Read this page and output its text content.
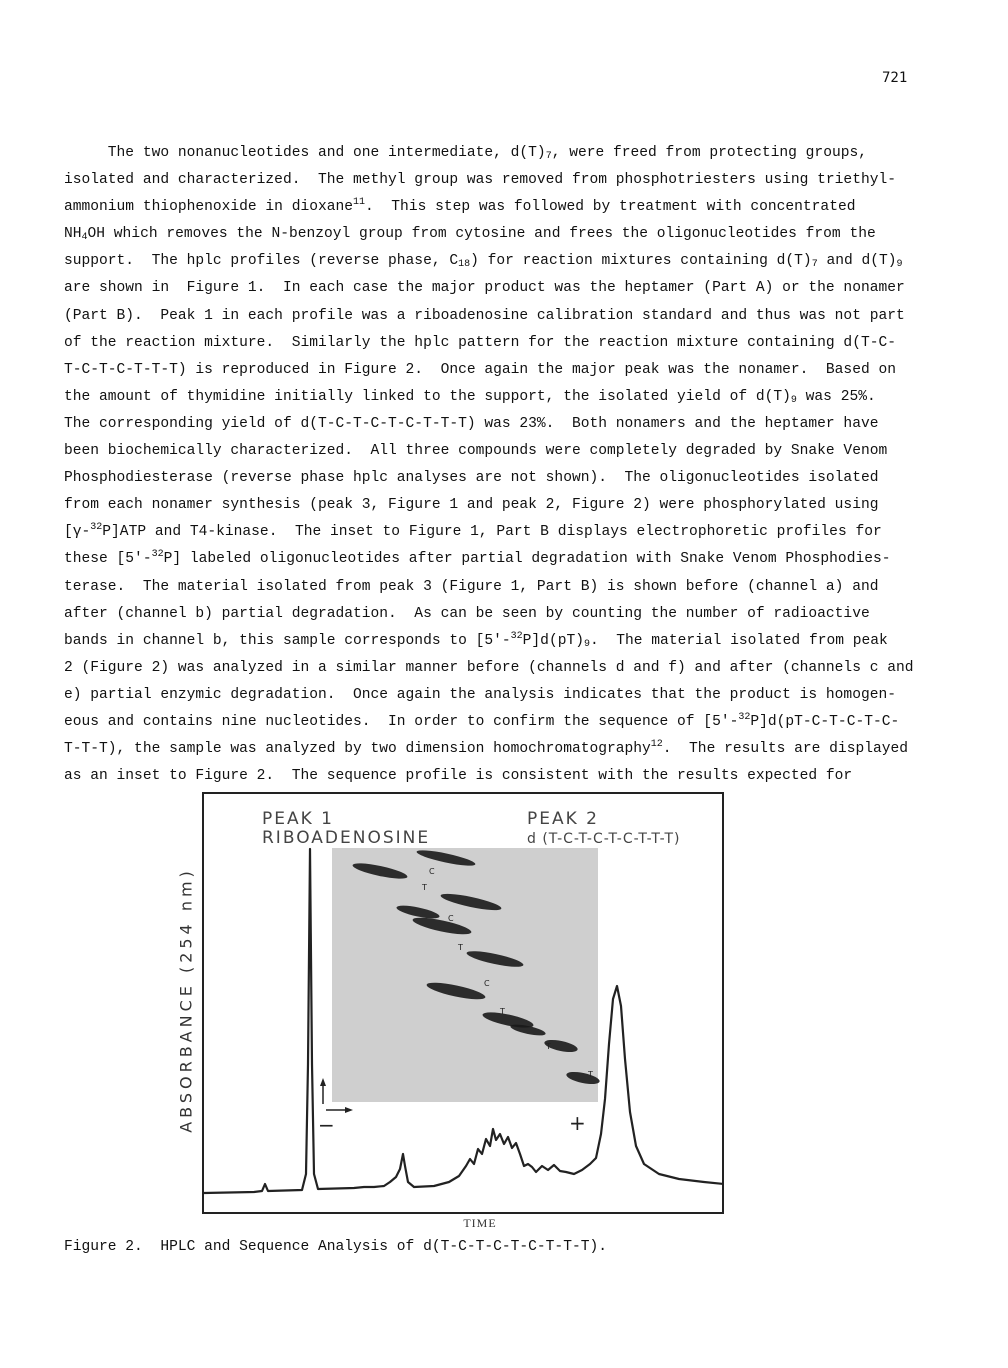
721
The two nonanucleotides and one intermediate, $d(T)_7$, were freed from protecting groups,
isolated and characterized.  The methyl group was removed from phosphotriesters using triethyl-
ammonium thiophenoxide in dioxane$^{11}$.  This step was followed by treatment with concentrated
$NH_4OH$ which removes the N-benzoyl group from cytosine and frees the oligonucleotides from the
support.  The hplc profiles (reverse phase, $C_{18}$) for reaction mixtures containing $d(T)_7$ and $d(T)_9$
are shown in  Figure 1.  In each case the major product was the heptamer (Part A) or the nonamer
(Part B).  Peak 1 in each profile was a riboadenosine calibration standard and thus was not part
of the reaction mixture.  Similarly the hplc pattern for the reaction mixture containing d(T-C-
T-C-T-C-T-T-T) is reproduced in Figure 2.  Once again the major peak was the nonamer.  Based on
the amount of thymidine initially linked to the support, the isolated yield of $d(T)_9$ was 25%.
The corresponding yield of d(T-C-T-C-T-C-T-T-T) was 23%.  Both nonamers and the heptamer have
been biochemically characterized.  All three compounds were completely degraded by Snake Venom
Phosphodiesterase (reverse phase hplc analyses are not shown).  The oligonucleotides isolated
from each nonamer synthesis (peak 3, Figure 1 and peak 2, Figure 2) were phosphorylated using
[γ-$^{32}$P]ATP and T4-kinase.  The inset to Figure 1, Part B displays electrophoretic profiles for
these [5'-$^{32}$P] labeled oligonucleotides after partial degradation with Snake Venom Phosphodies-
terase.  The material isolated from peak 3 (Figure 1, Part B) is shown before (channel a) and
after (channel b) partial degradation.  As can be seen by counting the number of radioactive
bands in channel b, this sample corresponds to $[5'-^{32}P]d(pT)_9$.  The material isolated from peak
2 (Figure 2) was analyzed in a similar manner before (channels d and f) and after (channels c and
e) partial enzymic degradation.  Once again the analysis indicates that the product is homogen-
eous and contains nine nucleotides.  In order to confirm the sequence of [5'-$^{32}$P]d(pT-C-T-C-T-C-
T-T-T), the sample was analyzed by two dimension homochromatography$^{12}$.  The results are displayed
as an inset to Figure 2.  The sequence profile is consistent with the results expected for
C
T
C
T
C
T
T
T
−	+
PEAK 1
RIBOADENOSINE
PEAK 2
d (T-C-T-C-T-C-T-T-T)
ABSORBANCE (254 nm)
TIME
Figure 2.  HPLC and Sequence Analysis of d(T-C-T-C-T-C-T-T-T).
